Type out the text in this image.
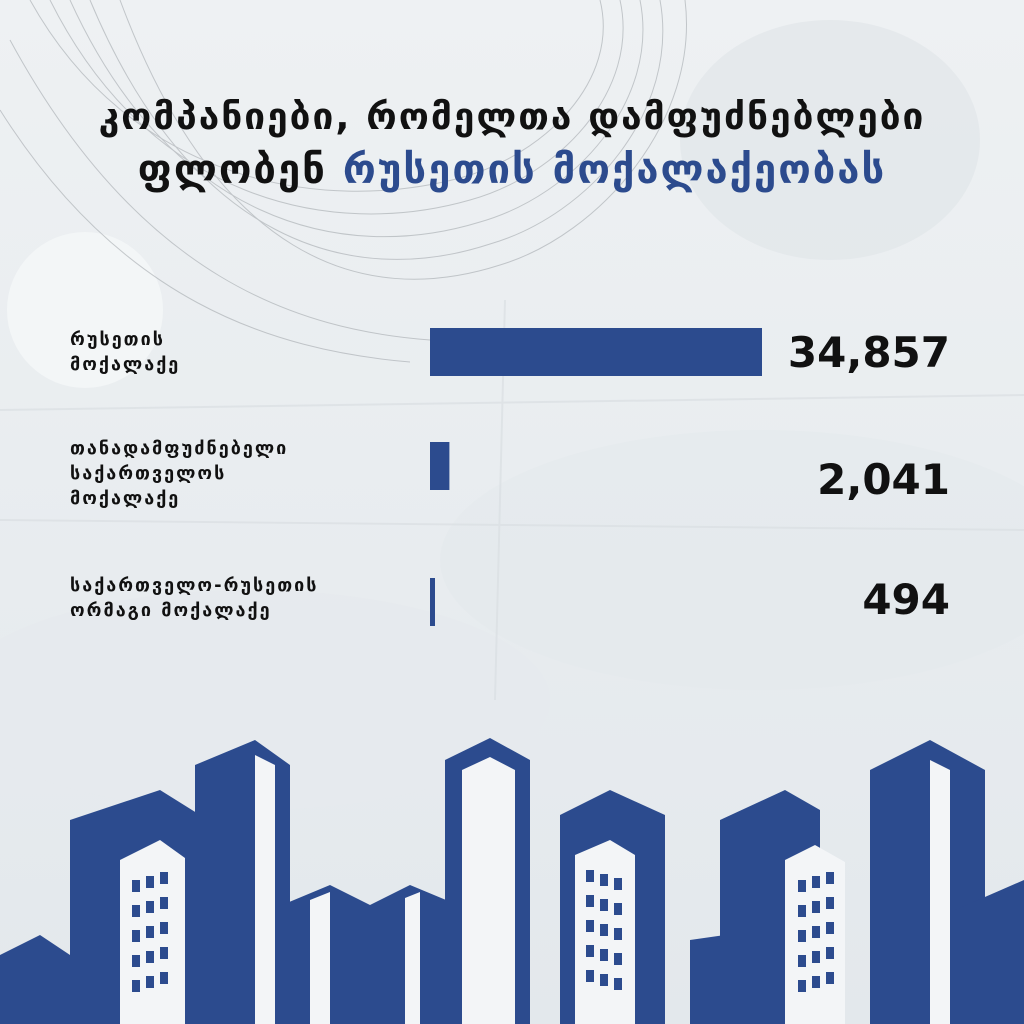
კომპანიები, რომელთა დამფუძნებლები
ფლობენ რუსეთის მოქალაქეობას
რუსეთის
მოქალაქე	34,857
თანადამფუძნებელი
საქართველოს
მოქალაქე	2,041
საქართველო-რუსეთის
ორმაგი მოქალაქე	494
